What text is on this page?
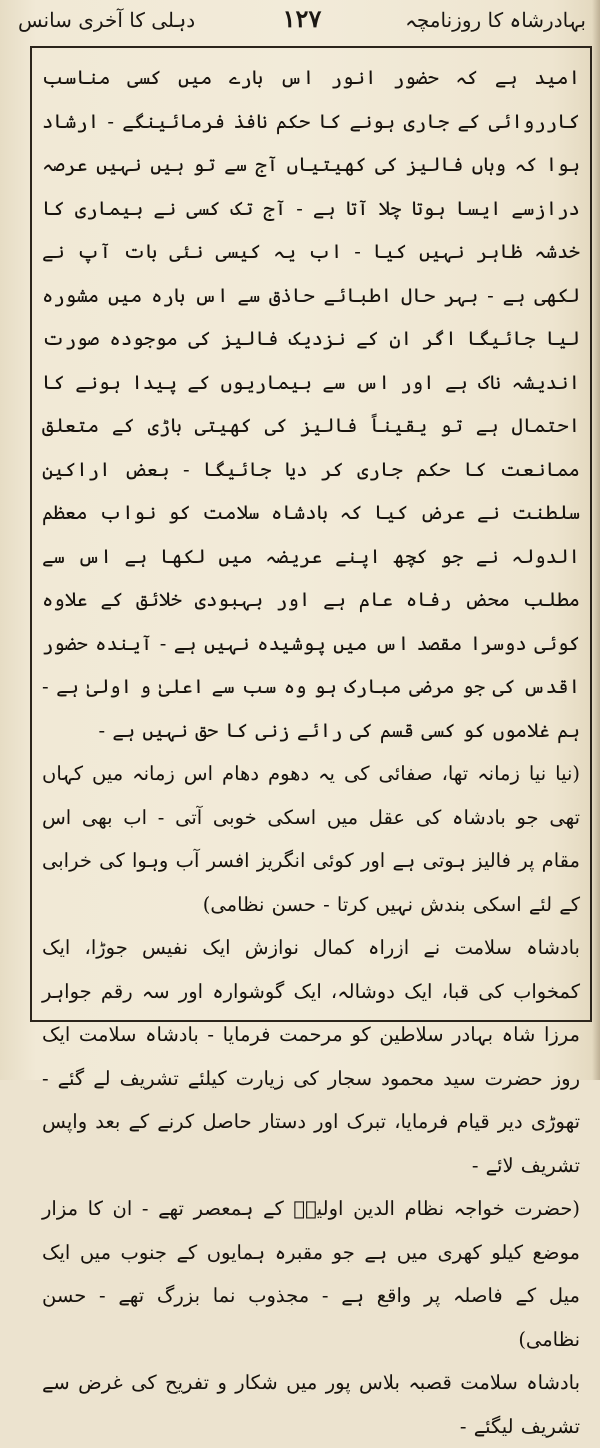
بہادرشاہ کا روزنامچہ
۱۲۷
دہلی کا آخری سانس

امید ہے کہ حضور انور اس بارے میں کسی مناسب کارروائی کے جاری ہونے کا حکم نافذ فرمائینگے - ارشاد ہوا کہ وہاں فالیز کی کھیتیاں آج سے تو ہیں نہیں عرصہ درازسے ایسا ہوتا چلا آتا ہے - آج تک کسی نے بیماری کا خدشہ ظاہر نہیں کیا - اب یہ کیسی نئی بات آپ نے لکھی ہے - بہر حال اطبائے حاذق سے اس بارہ میں مشورہ لیا جائیگا اگر ان کے نزدیک فالیز کی موجودہ صورت اندیشہ ناک ہے اور اس سے بیماریوں کے پیدا ہونے کا احتمال ہے تو یقیناً فالیز کی کھیتی باڑی کے متعلق ممانعت کا حکم جاری کر دیا جائیگا - بعض اراکین سلطنت نے عرض کیا کہ بادشاہ سلامت کو نواب معظم الدولہ نے جو کچھ اپنے عریضہ میں لکھا ہے اس سے مطلب محض رفاہ عام ہے اور بہبودی خلائق کے علاوہ کوئی دوسرا مقصد اس میں پوشیدہ نہیں ہے - آیندہ حضور اقدس کی جو مرضی مبارک ہو وہ سب سے اعلیٰ و اولیٰ ہے - ہم غلاموں کو کسی قسم کی رائے زنی کا حق نہیں ہے -

(نیا نیا زمانہ تھا، صفائی کی یہ دھوم دھام اس زمانہ میں کہاں تھی جو بادشاہ کی عقل میں اسکی خوبی آتی - اب بھی اس مقام پر فالیز ہوتی ہے اور کوئی انگریز افسر آب وہوا کی خرابی کے لئے اسکی بندش نہیں کرتا - حسن نظامی)

بادشاہ سلامت نے ازراہ کمال نوازش ایک نفیس جوڑا، ایک کمخواب کی قبا، ایک دوشالہ، ایک گوشوارہ اور سہ رقم جواہر مرزا شاہ بہادر سلاطین کو مرحمت فرمایا - بادشاہ سلامت ایک روز حضرت سید محمود سجار کی زیارت کیلئے تشریف لے گئے - تھوڑی دیر قیام فرمایا، تبرک اور دستار حاصل کرنے کے بعد واپس تشریف لائے -

(حضرت خواجہ نظام الدین اولیاؒ کے ہمعصر تھے - ان کا مزار موضع کیلو کھری میں ہے جو مقبرہ ہمایوں کے جنوب میں ایک میل کے فاصلہ پر واقع ہے - مجذوب نما بزرگ تھے - حسن نظامی)

بادشاہ سلامت قصبہ بلاس پور میں شکار و تفریح کی غرض سے تشریف لیگئے -
